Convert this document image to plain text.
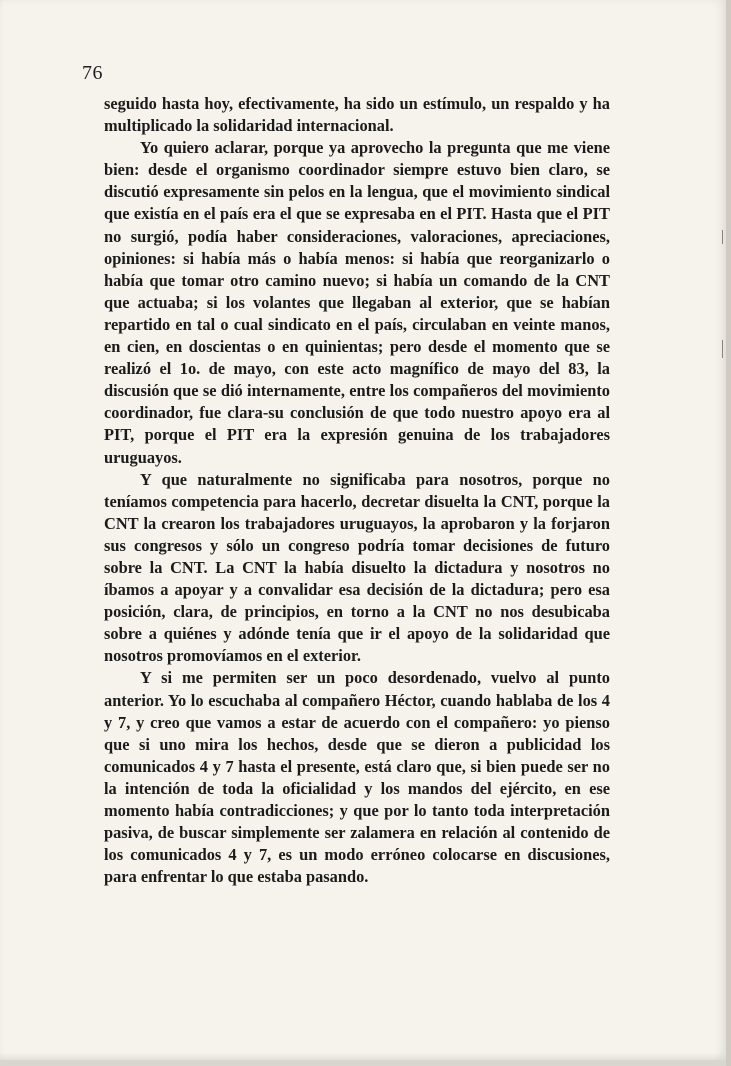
76

seguido hasta hoy, efectivamente, ha sido un estímulo, un respaldo y ha multiplicado la solidaridad internacional.

Yo quiero aclarar, porque ya aprovecho la pregunta que me viene bien: desde el organismo coordinador siempre estuvo bien claro, se discutió expresamente sin pelos en la lengua, que el movimiento sindical que existía en el país era el que se expresaba en el PIT. Hasta que el PIT no surgió, podía haber consideraciones, valoraciones, apreciaciones, opiniones: si había más o había menos: si había que reorganizarlo o había que tomar otro camino nuevo; si había un comando de la CNT que actuaba; si los volantes que llegaban al exterior, que se habían repartido en tal o cual sindicato en el país, circulaban en veinte manos, en cien, en doscientas o en quinientas; pero desde el momento que se realizó el 1o. de mayo, con este acto magnífico de mayo del 83, la discusión que se dió internamente, entre los compañeros del movimiento coordinador, fue clara-su conclusión de que todo nuestro apoyo era al PIT, porque el PIT era la expresión genuina de los trabajadores uruguayos.

Y que naturalmente no significaba para nosotros, porque no teníamos competencia para hacerlo, decretar disuelta la CNT, porque la CNT la crearon los trabajadores uruguayos, la aprobaron y la forjaron sus congresos y sólo un congreso podría tomar decisiones de futuro sobre la CNT. La CNT la había disuelto la dictadura y nosotros no íbamos a apoyar y a convalidar esa decisión de la dictadura; pero esa posición, clara, de principios, en torno a la CNT no nos desubicaba sobre a quiénes y adónde tenía que ir el apoyo de la solidaridad que nosotros promovíamos en el exterior.

Y si me permiten ser un poco desordenado, vuelvo al punto anterior. Yo lo escuchaba al compañero Héctor, cuando hablaba de los 4 y 7, y creo que vamos a estar de acuerdo con el compañero: yo pienso que si uno mira los hechos, desde que se dieron a publicidad los comunicados 4 y 7 hasta el presente, está claro que, si bien puede ser no la intención de toda la oficialidad y los mandos del ejército, en ese momento había contradicciones; y que por lo tanto toda interpretación pasiva, de buscar simplemente ser zalamera en relación al contenido de los comunicados 4 y 7, es un modo erróneo colocarse en discusiones, para enfrentar lo que estaba pasando.
